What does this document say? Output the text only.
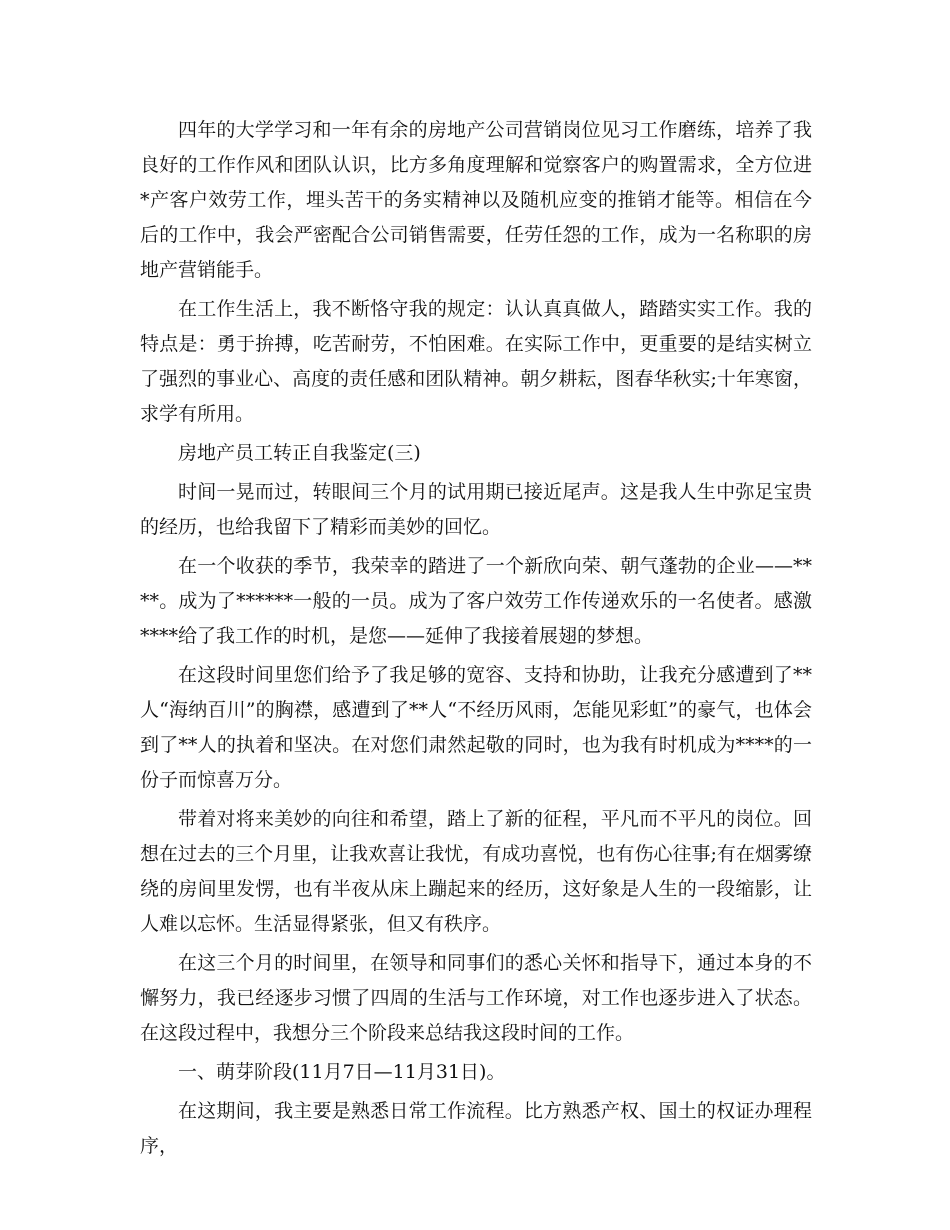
四年的大学学习和一年有余的房地产公司营销岗位见习工作磨练，培养了我良好的工作作风和团队认识，比方多角度理解和觉察客户的购置需求，全方位进*产客户效劳工作，埋头苦干的务实精神以及随机应变的推销才能等。相信在今后的工作中，我会严密配合公司销售需要，任劳任怨的工作，成为一名称职的房地产营销能手。

在工作生活上，我不断恪守我的规定：认认真真做人，踏踏实实工作。我的特点是：勇于拚搏，吃苦耐劳，不怕困难。在实际工作中，更重要的是结实树立了强烈的事业心、高度的责任感和团队精神。朝夕耕耘，图春华秋实;十年寒窗，求学有所用。

房地产员工转正自我鉴定(三)

时间一晃而过，转眼间三个月的试用期已接近尾声。这是我人生中弥足宝贵的经历，也给我留下了精彩而美妙的回忆。

在一个收获的季节，我荣幸的踏进了一个新欣向荣、朝气蓬勃的企业——****。成为了******一般的一员。成为了客户效劳工作传递欢乐的一名使者。感激****给了我工作的时机，是您——延伸了我接着展翅的梦想。

在这段时间里您们给予了我足够的宽容、支持和协助，让我充分感遭到了**人“海纳百川”的胸襟，感遭到了**人“不经历风雨，怎能见彩虹”的豪气，也体会到了**人的执着和坚决。在对您们肃然起敬的同时，也为我有时机成为****的一份子而惊喜万分。

带着对将来美妙的向往和希望，踏上了新的征程，平凡而不平凡的岗位。回想在过去的三个月里，让我欢喜让我忧，有成功喜悦，也有伤心往事;有在烟雾缭绕的房间里发愣，也有半夜从床上蹦起来的经历，这好象是人生的一段缩影，让人难以忘怀。生活显得紧张，但又有秩序。

在这三个月的时间里，在领导和同事们的悉心关怀和指导下，通过本身的不懈努力，我已经逐步习惯了四周的生活与工作环境，对工作也逐步进入了状态。在这段过程中，我想分三个阶段来总结我这段时间的工作。

一、萌芽阶段(11月7日—11月31日)。

在这期间，我主要是熟悉日常工作流程。比方熟悉产权、国土的权证办理程序，
